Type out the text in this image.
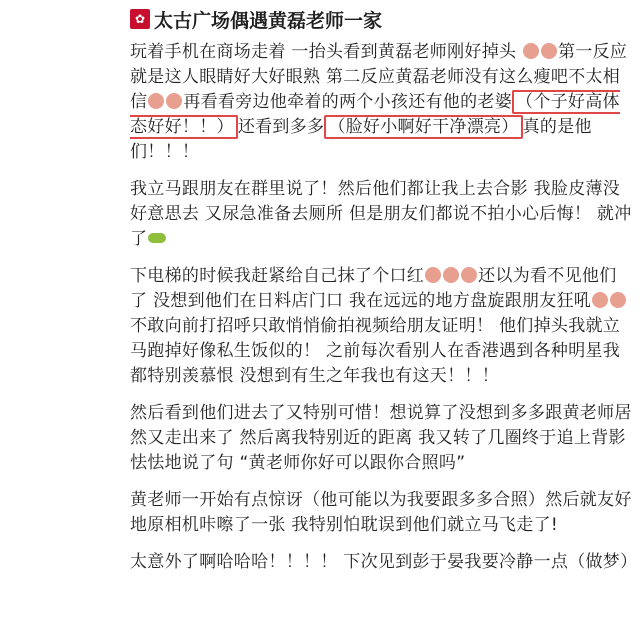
✿ 太古广场偶遇黄磊老师一家

玩着手机在商场走着 一抬头看到黄磊老师刚好掉头 第一反应就是这人眼睛好大好眼熟 第二反应黄磊老师没有这么瘦吧不太相信 再看看旁边他牵着的两个小孩还有他的老婆 （个子好高体态好好！！） 还看到多多 （脸好小啊好干净漂亮） 真的是他们！！！

我立马跟朋友在群里说了！然后他们都让我上去合影 我脸皮薄没好意思去 又尿急准备去厕所 但是朋友们都说不拍小心后悔！ 就冲了

下电梯的时候我赶紧给自己抹了个口红	还以为看不见他们了 没想到他们在日料店门口 我在远远的地方盘旋跟朋友狂吼不敢向前打招呼只敢悄悄偷拍视频给朋友证明！ 他们掉头我就立马跑掉好像私生饭似的！ 之前每次看别人在香港遇到各种明星我都特别羡慕恨 没想到有生之年我也有这天！！！

然后看到他们进去了又特别可惜！想说算了没想到多多跟黄老师居然又走出来了 然后离我特别近的距离 我又转了几圈终于追上背影 怯怯地说了句 “黄老师你好可以跟你合照吗”

黄老师一开始有点惊讶（他可能以为我要跟多多合照）然后就友好地原相机咔嚓了一张 我特别怕耽误到他们就立马飞走了!

太意外了啊哈哈哈！！！！ 下次见到彭于晏我要冷静一点（做梦）
